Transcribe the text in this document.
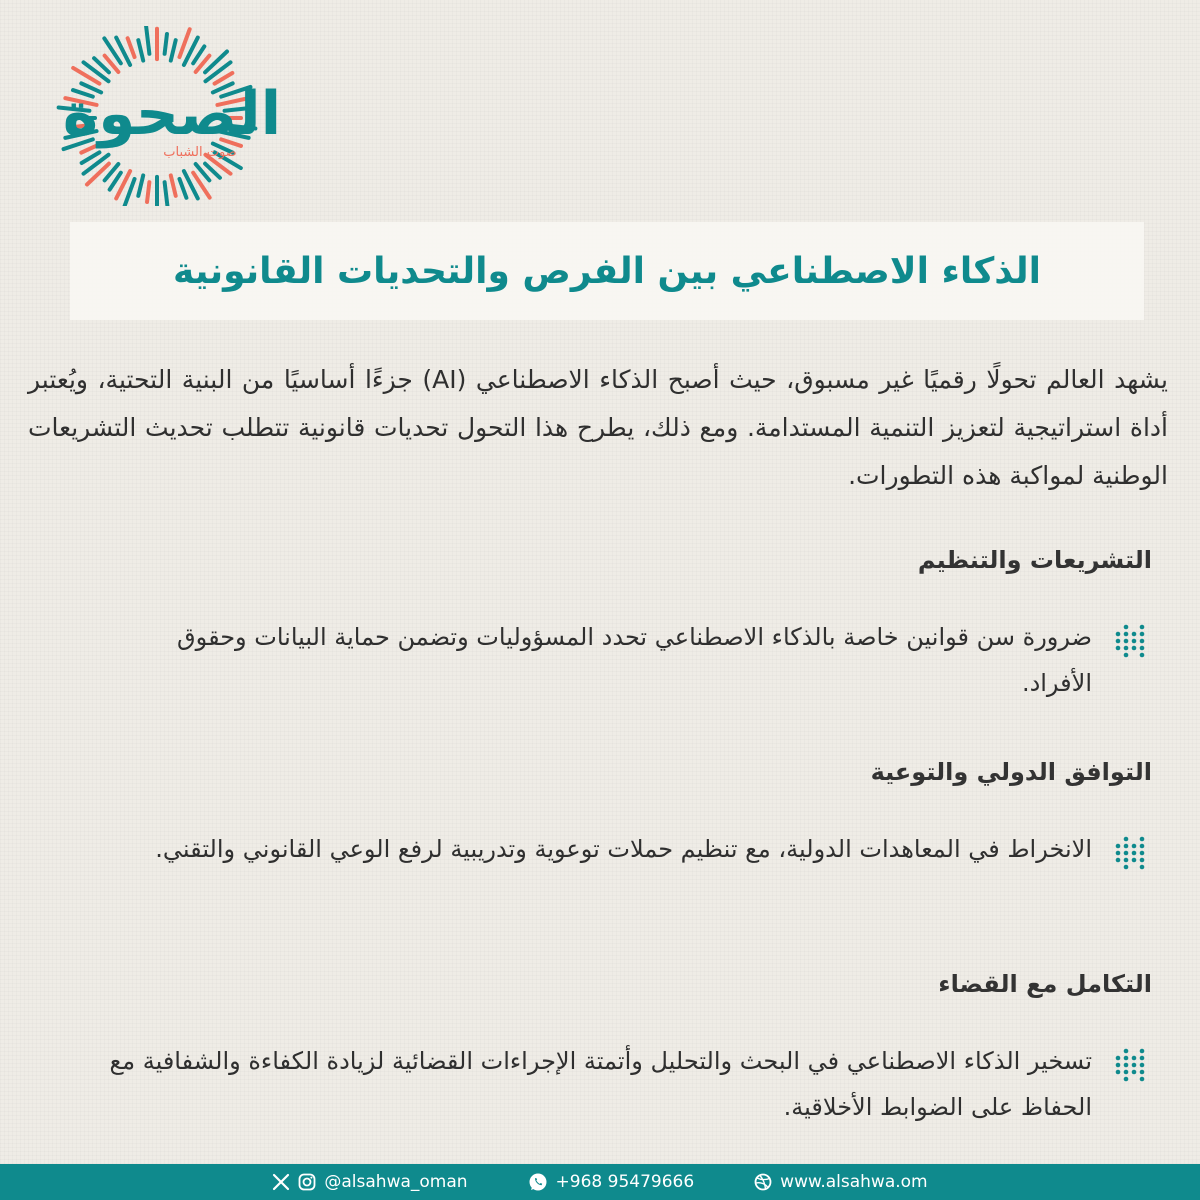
الصحوة
صوت الشباب
الذكاء الاصطناعي بين الفرص والتحديات القانونية

يشهد العالم تحولًا رقميًا غير مسبوق، حيث أصبح الذكاء الاصطناعي (AI) جزءًا أساسيًا من البنية التحتية، ويُعتبر أداة استراتيجية لتعزيز التنمية المستدامة. ومع ذلك، يطرح هذا التحول تحديات قانونية تتطلب تحديث التشريعات الوطنية لمواكبة هذه التطورات.

التشريعات والتنظيم

ضرورة سن قوانين خاصة بالذكاء الاصطناعي تحدد المسؤوليات وتضمن حماية البيانات وحقوق الأفراد.

التوافق الدولي والتوعية

الانخراط في المعاهدات الدولية، مع تنظيم حملات توعوية وتدريبية لرفع الوعي القانوني والتقني.

التكامل مع القضاء

تسخير الذكاء الاصطناعي في البحث والتحليل وأتمتة الإجراءات القضائية لزيادة الكفاءة والشفافية مع الحفاظ على الضوابط الأخلاقية.

@alsahwa_oman	+968 95479666	www.alsahwa.om
